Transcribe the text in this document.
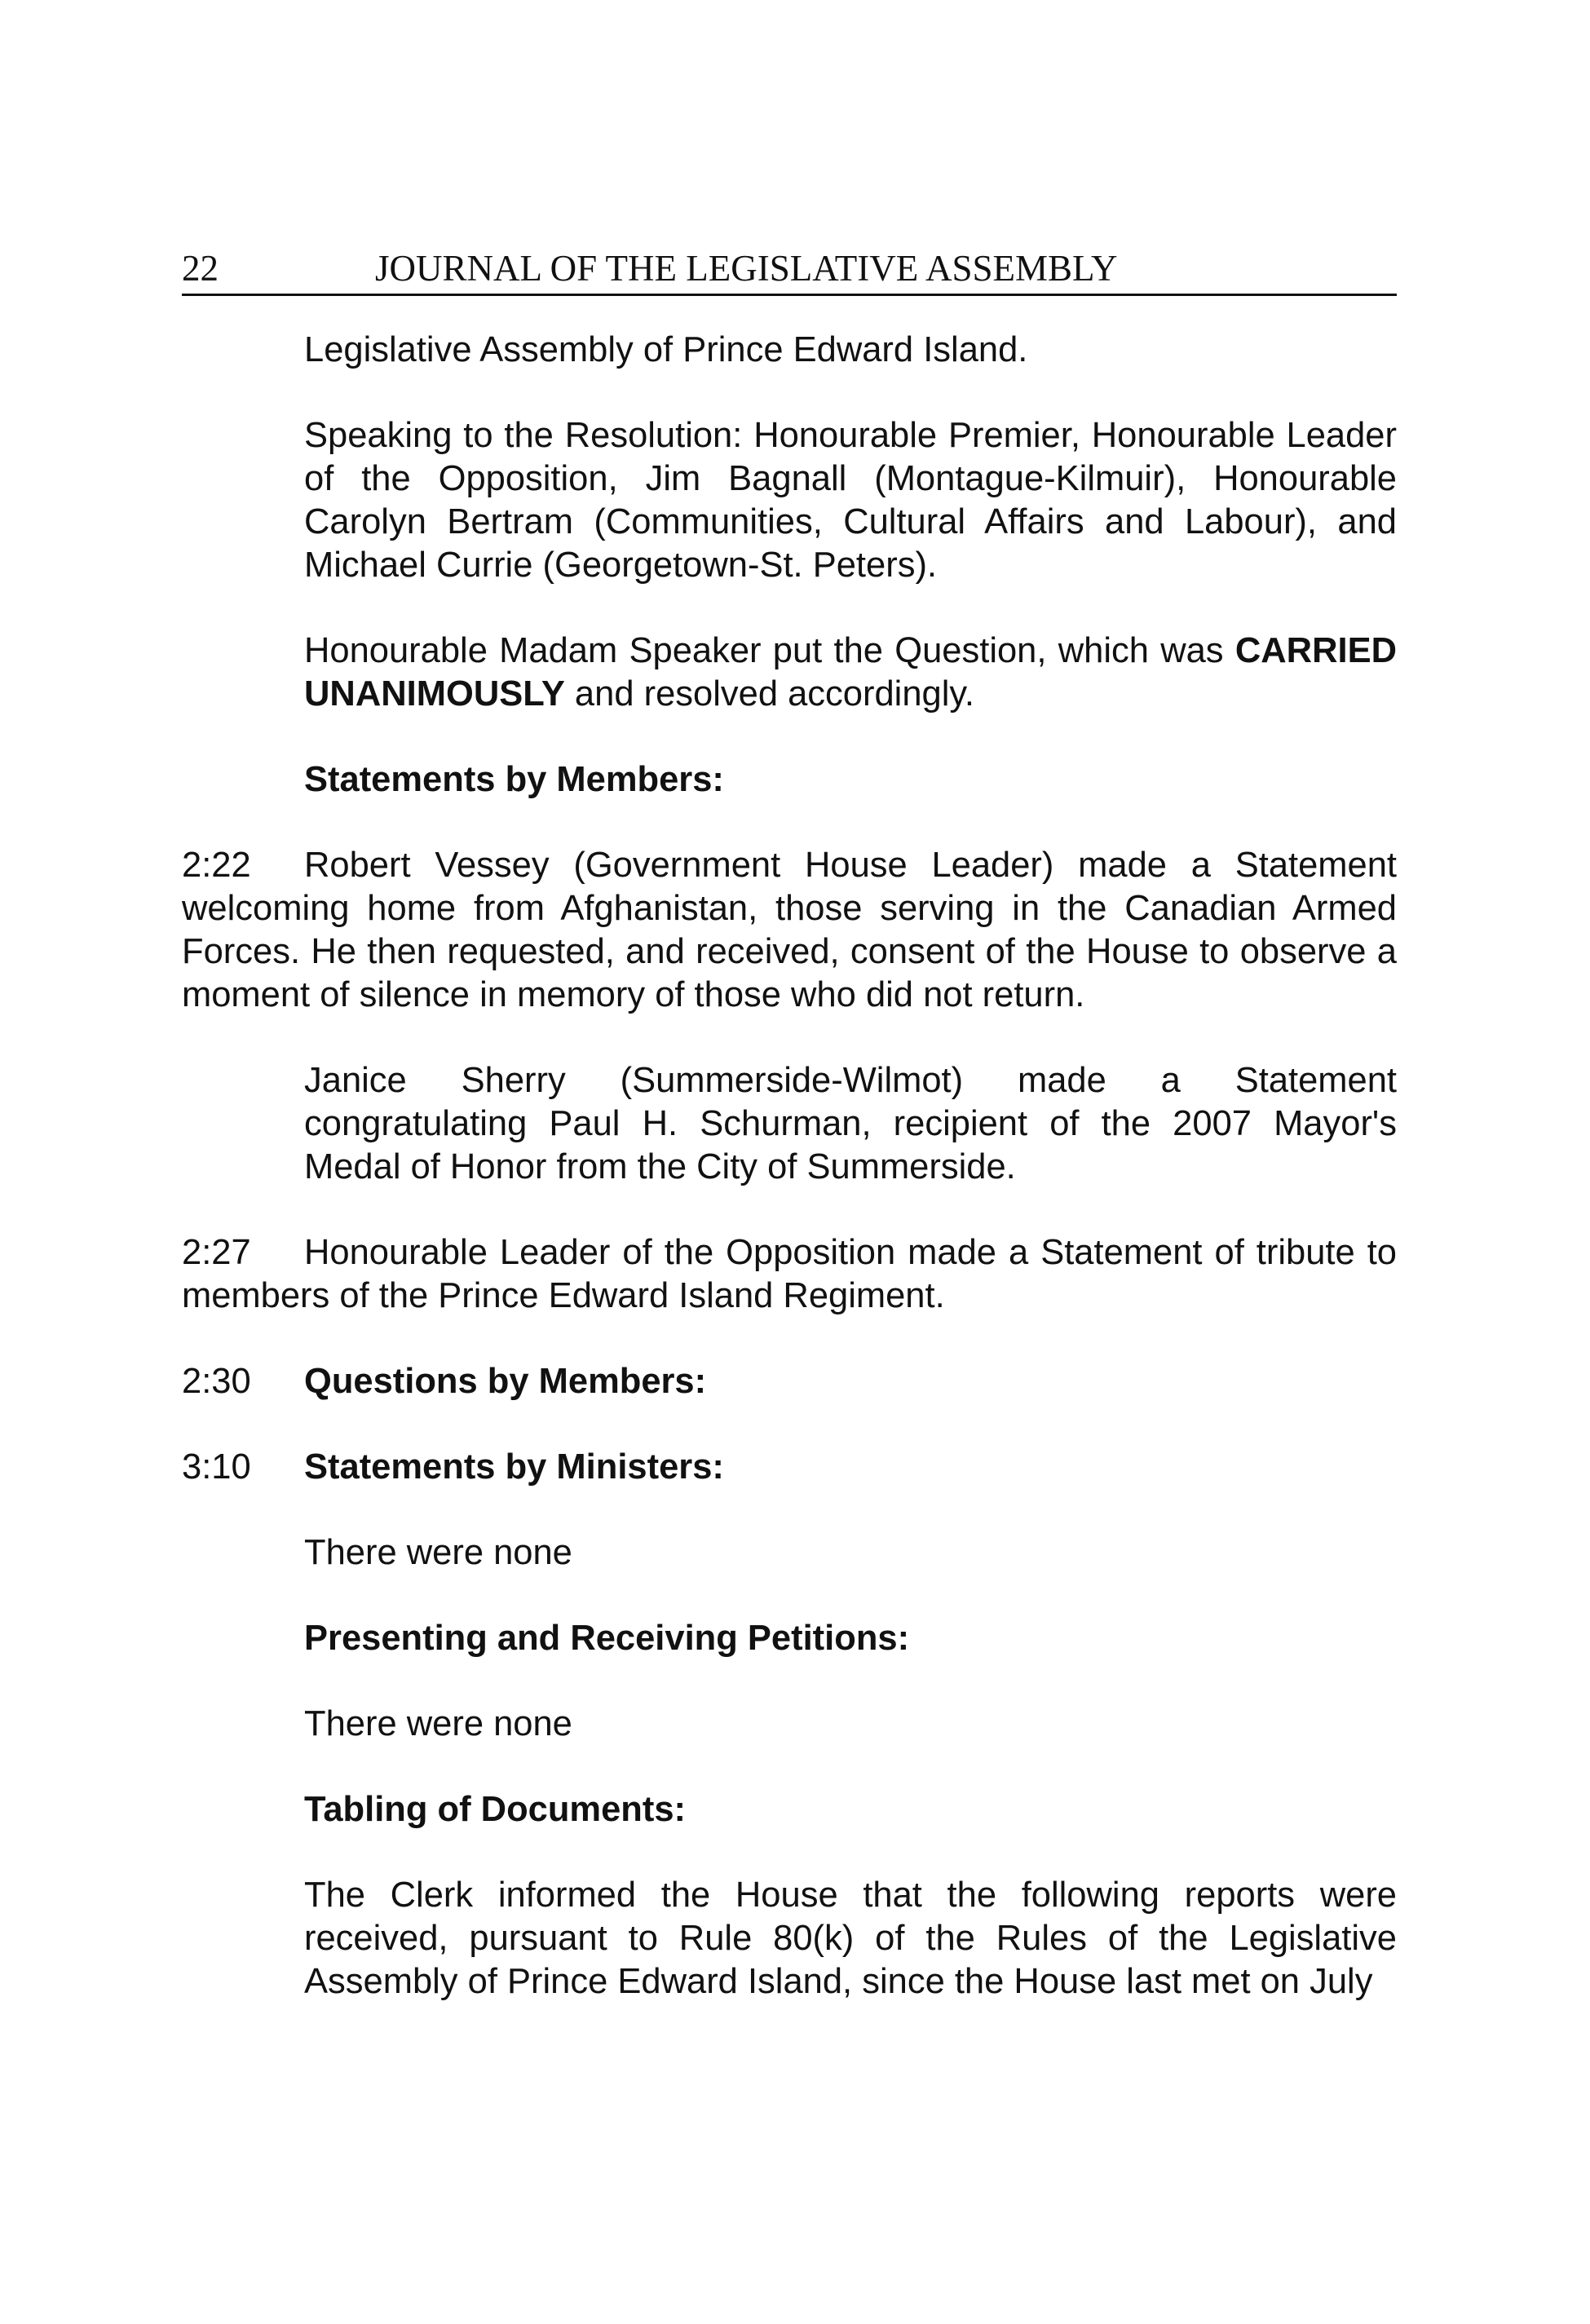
22	JOURNAL OF THE LEGISLATIVE ASSEMBLY

Legislative Assembly of Prince Edward Island.

Speaking to the Resolution: Honourable Premier, Honourable Leader of the Opposition, Jim Bagnall (Montague-Kilmuir), Honourable Carolyn Bertram (Communities, Cultural Affairs and Labour), and Michael Currie (Georgetown-St. Peters).

Honourable Madam Speaker put the Question, which was CARRIED UNANIMOUSLY and resolved accordingly.

Statements by Members:

2:22 Robert Vessey (Government House Leader) made a Statement welcoming home from Afghanistan, those serving in the Canadian Armed Forces. He then requested, and received, consent of the House to observe a moment of silence in memory of those who did not return.

Janice Sherry (Summerside-Wilmot) made a Statement congratulating Paul H. Schurman, recipient of the 2007 Mayor's Medal of Honor from the City of Summerside.

2:27 Honourable Leader of the Opposition made a Statement of tribute to members of the Prince Edward Island Regiment.

2:30 Questions by Members:

3:10 Statements by Ministers:

There were none

Presenting and Receiving Petitions:

There were none

Tabling of Documents:

The Clerk informed the House that the following reports were received, pursuant to Rule 80(k) of the Rules of the Legislative Assembly of Prince Edward Island, since the House last met on July
